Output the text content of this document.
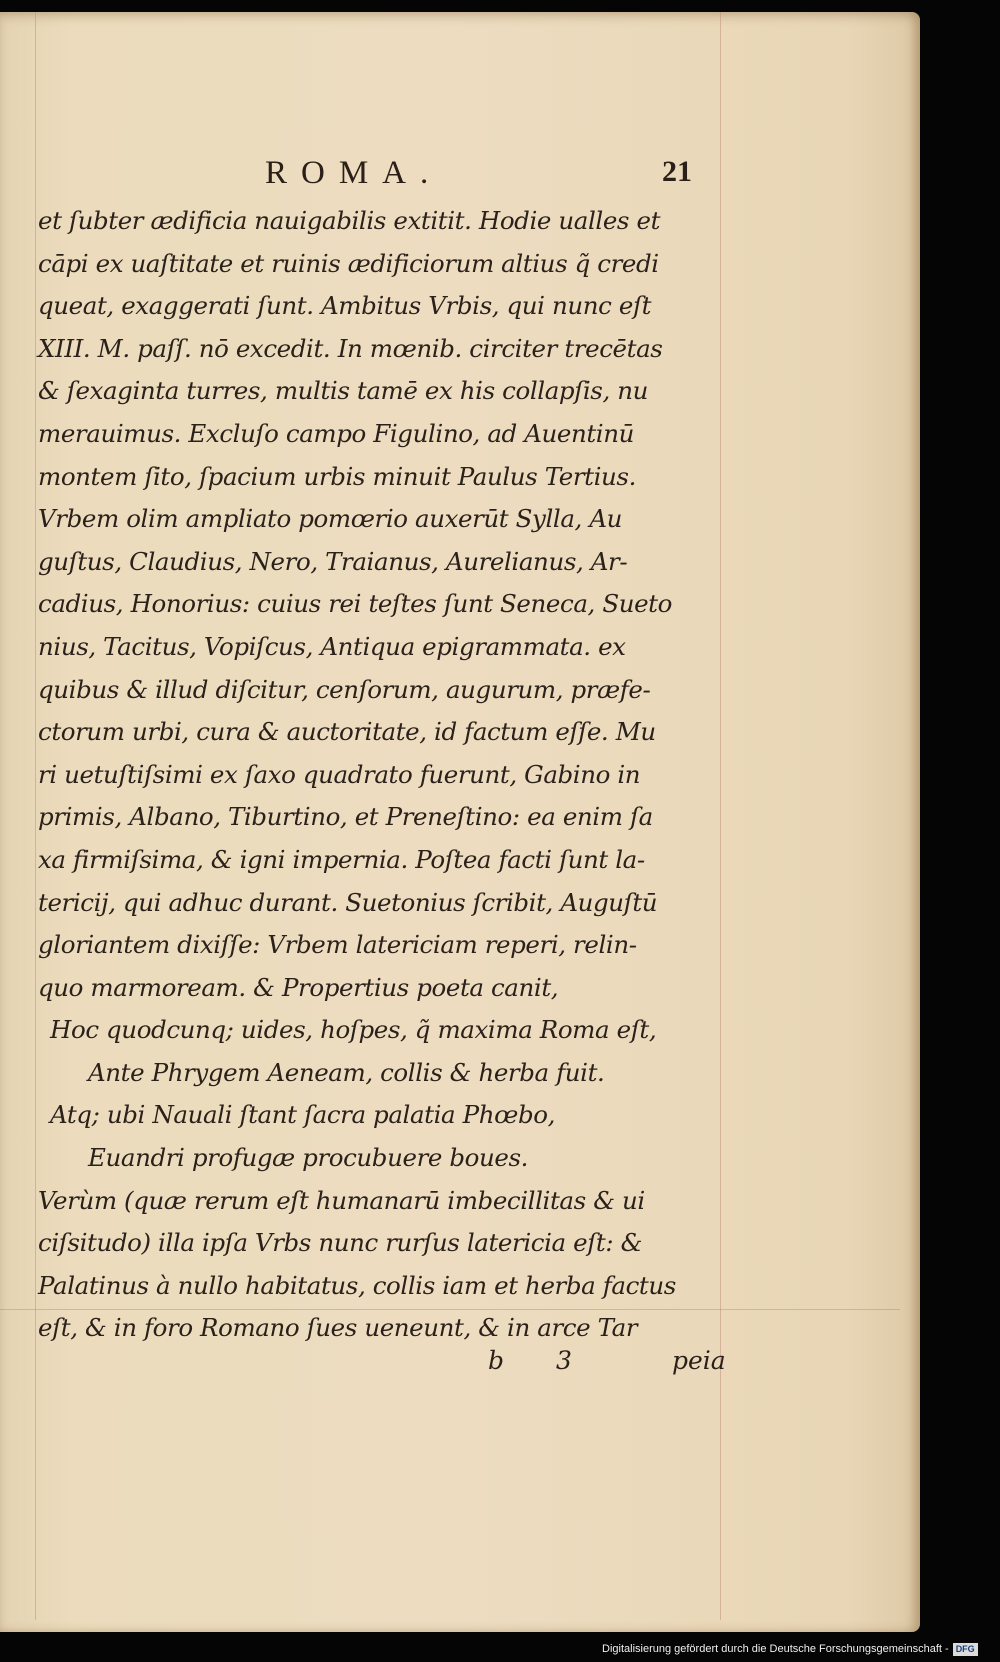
ROMA.	21
et ſubter ædificia nauigabilis extitit. Hodie ualles et
cāpi ex uaſtitate et ruinis ædificiorum altius q̃ credi
queat, exaggerati ſunt. Ambitus Vrbis, qui nunc eſt
XIII. M. paſſ. nō excedit. In mœnib. circiter trecētas
& ſexaginta turres, multis tamē ex his collapſis, nu
merauimus. Excluſo campo Figulino, ad Auentinū
montem ſito, ſpacium urbis minuit Paulus Tertius.
Vrbem olim ampliato pomœrio auxerūt Sylla, Au
guſtus, Claudius, Nero, Traianus, Aurelianus, Ar-
cadius, Honorius: cuius rei teſtes ſunt Seneca, Sueto
nius, Tacitus, Vopiſcus, Antiqua epigrammata. ex
quibus & illud diſcitur, cenſorum, augurum, præfe-
ctorum urbi, cura & auctoritate, id factum eſſe. Mu
ri uetuſtiſsimi ex ſaxo quadrato fuerunt, Gabino in
primis, Albano, Tiburtino, et Preneſtino: ea enim ſa
xa firmiſsima, & igni impernia. Poſtea facti ſunt la-
tericij, qui adhuc durant. Suetonius ſcribit, Auguſtū
gloriantem dixiſſe: Vrbem latericiam reperi, relin-
quo marmoream. & Propertius poeta canit,
Hoc quodcunq; uides, hoſpes, q̃ maxima Roma eſt,
Ante Phrygem Aeneam, collis & herba fuit.
Atq; ubi Nauali ſtant ſacra palatia Phœbo,
Euandri profugæ procubuere boues.
Verùm (quæ rerum eſt humanarū imbecillitas & ui
ciſsitudo) illa ipſa Vrbs nunc rurſus latericia eſt: &
Palatinus à nullo habitatus, collis iam et herba factus
eſt, & in foro Romano ſues ueneunt, & in arce Tar
b 3	peia
Digitalisierung gefördert durch die Deutsche Forschungsgemeinschaft - DFG
